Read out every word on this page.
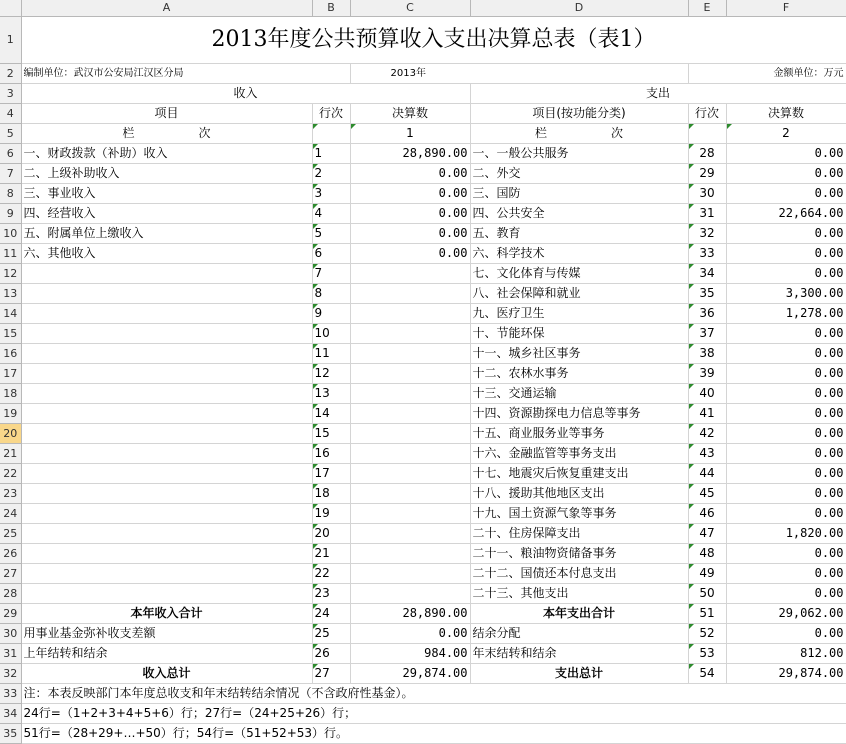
	A	B	C	D	E	F
1	2013年度公共预算收入支出决算总表（表1）					
2	编制单位：武汉市公安局江汉区分局		2013年		金额单位：万元	
3	收入			支出		
4	项目	行次	决算数	项目(按功能分类)	行次	决算数
5	栏 次		1	栏 次		2
6	一、财政拨款（补助）收入	1	28,890.00	一、一般公共服务	28	0.00
7	二、上级补助收入	2	0.00	二、外交	29	0.00
8	三、事业收入	3	0.00	三、国防	30	0.00
9	四、经营收入	4	0.00	四、公共安全	31	22,664.00
10	五、附属单位上缴收入	5	0.00	五、教育	32	0.00
11	六、其他收入	6	0.00	六、科学技术	33	0.00
12		7		七、文化体育与传媒	34	0.00
13		8		八、社会保障和就业	35	3,300.00
14		9		九、医疗卫生	36	1,278.00
15		10		十、节能环保	37	0.00
16		11		十一、城乡社区事务	38	0.00
17		12		十二、农林水事务	39	0.00
18		13		十三、交通运输	40	0.00
19		14		十四、资源勘探电力信息等事务	41	0.00
20		15		十五、商业服务业等事务	42	0.00
21		16		十六、金融监管等事务支出	43	0.00
22		17		十七、地震灾后恢复重建支出	44	0.00
23		18		十八、援助其他地区支出	45	0.00
24		19		十九、国土资源气象等事务	46	0.00
25		20		二十、住房保障支出	47	1,820.00
26		21		二十一、粮油物资储备事务	48	0.00
27		22		二十二、国债还本付息支出	49	0.00
28		23		二十三、其他支出	50	0.00
29	本年收入合计	24	28,890.00	本年支出合计	51	29,062.00
30	用事业基金弥补收支差额	25	0.00	结余分配	52	0.00
31	上年结转和结余	26	984.00	年末结转和结余	53	812.00
32	收入总计	27	29,874.00	支出总计	54	29,874.00
33	注：本表反映部门本年度总收支和年末结转结余情况（不含政府性基金）。					
34	24行=（1+2+3+4+5+6）行；27行=（24+25+26）行；					
35	51行=（28+29+…+50）行；54行=（51+52+53）行。					
